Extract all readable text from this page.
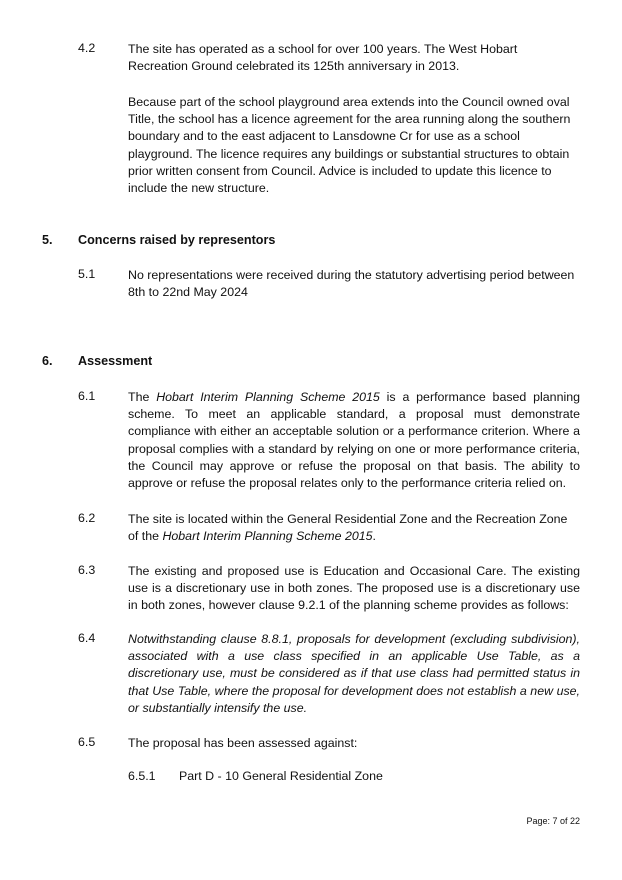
4.2	The site has operated as a school for over 100 years. The West Hobart Recreation Ground celebrated its 125th anniversary in 2013.
Because part of the school playground area extends into the Council owned oval Title, the school has a licence agreement for the area running along the southern boundary and to the east adjacent to Lansdowne Cr for use as a school playground. The licence requires any buildings or substantial structures to obtain prior written consent from Council. Advice is included to update this licence to include the new structure.
5. Concerns raised by representors
5.1	No representations were received during the statutory advertising period between 8th to 22nd May 2024
6. Assessment
6.1	The Hobart Interim Planning Scheme 2015 is a performance based planning scheme. To meet an applicable standard, a proposal must demonstrate compliance with either an acceptable solution or a performance criterion. Where a proposal complies with a standard by relying on one or more performance criteria, the Council may approve or refuse the proposal on that basis. The ability to approve or refuse the proposal relates only to the performance criteria relied on.
6.2	The site is located within the General Residential Zone and the Recreation Zone of the Hobart Interim Planning Scheme 2015.
6.3	The existing and proposed use is Education and Occasional Care. The existing use is a discretionary use in both zones. The proposed use is a discretionary use in both zones, however clause 9.2.1 of the planning scheme provides as follows:
6.4	Notwithstanding clause 8.8.1, proposals for development (excluding subdivision), associated with a use class specified in an applicable Use Table, as a discretionary use, must be considered as if that use class had permitted status in that Use Table, where the proposal for development does not establish a new use, or substantially intensify the use.
6.5	The proposal has been assessed against:
6.5.1 Part D - 10 General Residential Zone
Page: 7 of 22
